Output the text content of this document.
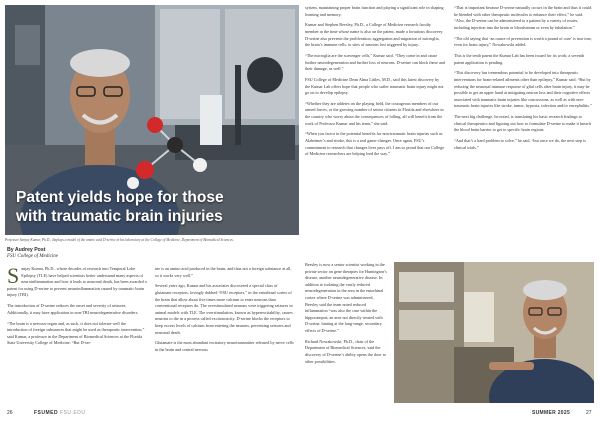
Patent yields hope for those
with traumatic brain injuries
Professor Sanjay Kumar, Ph.D., displays a model of the amino acid D-serine in his laboratory at the College of Medicine, Department of Biomedical Sciences.
By Audrey Post
FSU College of Medicine

Sanjay Kumar, Ph.D., whose decades of research into Temporal Lobe Epilepsy (TLE) have helped scientists better understand many aspects of neuroinflammation and how it leads to neuronal death, has been awarded a patent for using D-serine to prevent neuroinflammation caused by traumatic brain injury (TBI).

The introduction of D-serine reduces the onset and severity of seizures. Additionally, it may have application in non-TBI neurodegenerative disorders.

“The brain is a nervous-organ and, as such, it does not tolerate well the introduction of foreign substances that might be used as therapeutic intervention,” said Kumar, a professor in the Department of Biomedical Sciences at the Florida State University College of Medicine. “But D-ser-

ine is an amino acid produced in the brain, and thus not a foreign substance at all, so it works very well.”

Several years ago, Kumar and his associates discovered a special class of glutamate receptors, lovingly dubbed “FSU receptors,” in the entorhinal cortex of the brain that allow about five times more calcium to enter neurons than conventional receptors do. The overstimulated neurons were triggering seizures in animal models with TLE. The overstimulation, known as hyperexcitability, causes neurons to die in a process called excitotoxicity. D-serine blocks the receptors to keep excess levels of calcium from entering the neurons, preventing seizures and neuronal death.

Glutamate is the most abundant excitatory neurotransmitter released by nerve cells in the brain and central nervous

system, maintaining proper brain function and playing a significant role in shaping learning and memory.

Kumar and Stephen Beesley, Ph.D., a College of Medicine research faculty member at the time whose name is also on the patent, made a fortuitous discovery: D-serine also prevents the proliferation, aggregation and migration of microglia, the brain’s immune cells, to sites of neurons lost triggered by injury.

“The microglia are the scavenger cells,” Kumar said. “They come in and cause further neurodegeneration and further loss of neurons. D-serine can block these and their damage, as well.”

FSU College of Medicine Dean Alma Littles, M.D., said this latest discovery by the Kumar Lab offers hope that people who suffer traumatic brain injury might not go on to develop epilepsy.

“Whether they are athletes on the playing field, the courageous members of our armed forces, or the growing number of senior citizens in Florida and elsewhere in the country who worry about the consequences of falling, all will benefit from the work of Professor Kumar and his team,” she said.

“When you factor in the potential benefits for non-traumatic brain injuries such as Alzheimer’s and stroke, this is a real game-changer. Once again, FSU’s commitment to research that changes lives pays off. I am so proud that our College of Medicine researchers are helping lead the way.”

Beesley is now a senior scientist working in the private sector on gene therapies for Huntington’s disease, another neurodegenerative disease. In addition to isolating the vastly reduced neurodegeneration in the area in the entorhinal cortex where D-serine was administered, Beesley said the team noted reduced inflammation “was also the case within the hippocampus, an area not directly treated with D-serine, hinting at the long-range, secondary effects of D-serine.”

Richard Nowakowski, Ph.D., chair of the Department of Biomedical Sciences, said the discovery of D-serine’s ability opens the door to other possibilities.

“That is important because D-serine naturally occurs in the brain and thus it could be blended with other therapeutic molecules to enhance their effect,” he said. “Also, the D-serine can be administered to a patient by a variety of routes, including injection into the brain or bloodstream or even by inhalation.”

“The old saying that ‘an ounce of prevention is worth a pound of cure’ is true true, even for brain injury,” Nowakowski added.

This is the tenth patent the Kumar Lab has been issued for its work; a seventh patent application is pending.

“This discovery has tremendous potential to be developed into therapeutic interventions for brain-related ailments other than epilepsy,” Kumar said. “But by reducing the neuronal immune response of glial cells after brain injury, it may be possible to get an upper hand at mitigating neuron loss and their cognitive effects associated with traumatic brain injuries like concussions, as well as with non-traumatic brain injuries like stroke, tumor, hypoxia, infection and/or encephalitis.”

The next big challenge, he noted, is translating his basic research findings to clinical therapeutics and figuring out how to formulate D-serine to make it breach the blood brain barrier to get to specific brain regions.

“And that’s a hard problem to solve,” he said, “but once we do, the next step is clinical trials.”

26	FSUMED FSU.EDU	SUMMER 2025	27
